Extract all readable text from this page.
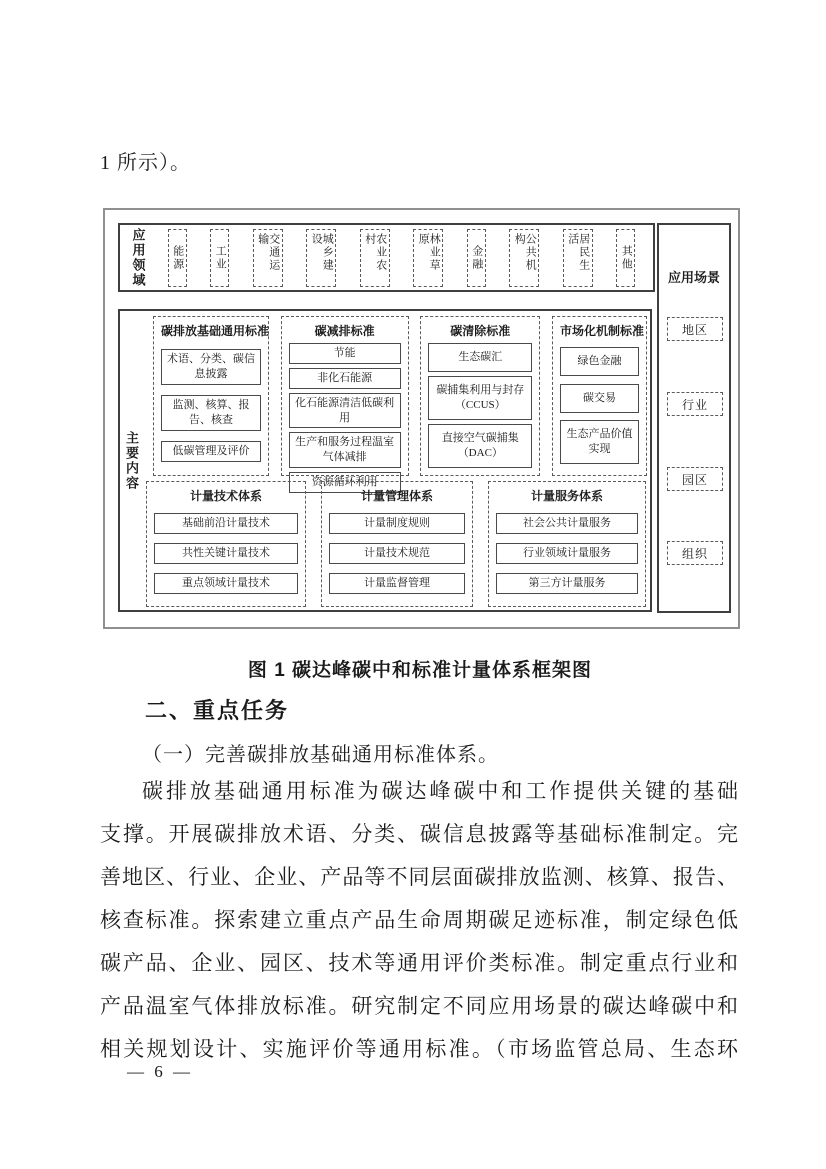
1 所示）。
应用领域 能源	工业	交通运输	城乡建设	农业农村	林业草原
金融	公共机构	居民生活
其他
主要内容
碳排放基础通用标准
术语、分类、碳信息披露
监测、核算、报告、核查
低碳管理及评价
碳减排标准
节能
非化石能源
化石能源清洁低碳利用
生产和服务过程温室气体减排
资源循环利用
碳清除标准
生态碳汇
碳捕集利用与封存（CCUS）
直接空气碳捕集（DAC）
市场化机制标准
绿色金融
碳交易
生态产品价值实现
计量技术体系
基础前沿计量技术
共性关键计量技术
重点领域计量技术
计量管理体系
计量制度规则
计量技术规范
计量监督管理
计量服务体系
社会公共计量服务
行业领域计量服务
第三方计量服务
应用场景
地区
行业
园区
组织
图 1 碳达峰碳中和标准计量体系框架图
二、重点任务
（一）完善碳排放基础通用标准体系。
碳排放基础通用标准为碳达峰碳中和工作提供关键的基础
支撑。开展碳排放术语、分类、碳信息披露等基础标准制定。完
善地区、行业、企业、产品等不同层面碳排放监测、核算、报告、
核查标准。探索建立重点产品生命周期碳足迹标准，制定绿色低
碳产品、企业、园区、技术等通用评价类标准。制定重点行业和
产品温室气体排放标准。研究制定不同应用场景的碳达峰碳中和
相关规划设计、实施评价等通用标准。（市场监管总局、生态环
— 6 —
